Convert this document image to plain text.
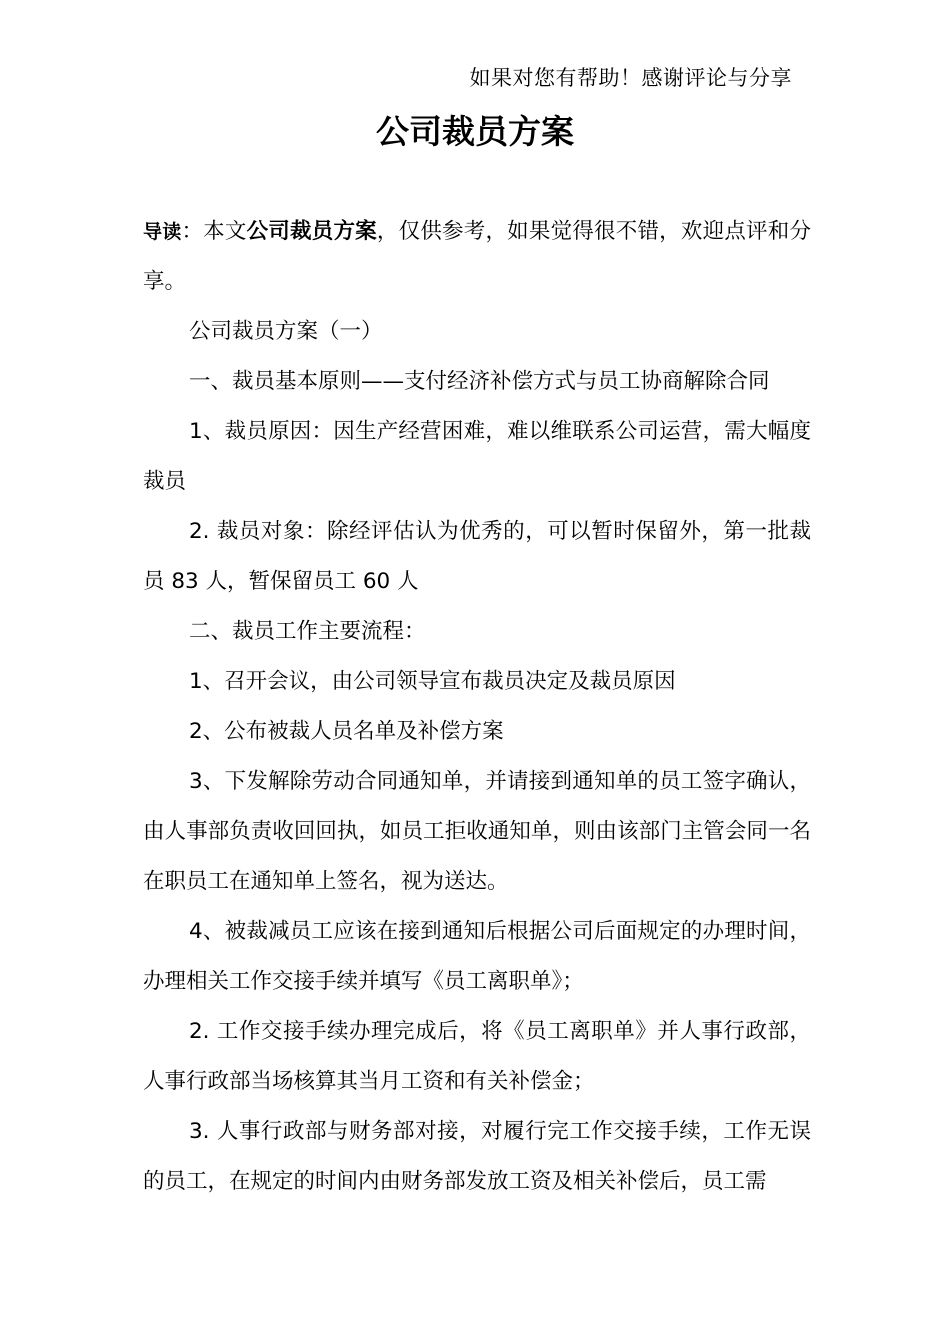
如果对您有帮助！感谢评论与分享
公司裁员方案

导读：本文公司裁员方案，仅供参考，如果觉得很不错，欢迎点评和分享。

公司裁员方案（一）

一、裁员基本原则——支付经济补偿方式与员工协商解除合同

1、裁员原因：因生产经营困难，难以维联系公司运营，需大幅度裁员

2. 裁员对象：除经评估认为优秀的，可以暂时保留外，第一批裁员 83 人，暂保留员工 60 人

二、裁员工作主要流程：

1、召开会议，由公司领导宣布裁员决定及裁员原因

2、公布被裁人员名单及补偿方案

3、下发解除劳动合同通知单，并请接到通知单的员工签字确认，由人事部负责收回回执，如员工拒收通知单，则由该部门主管会同一名在职员工在通知单上签名，视为送达。

4、被裁减员工应该在接到通知后根据公司后面规定的办理时间，办理相关工作交接手续并填写《员工离职单》；

2. 工作交接手续办理完成后，将《员工离职单》并人事行政部，人事行政部当场核算其当月工资和有关补偿金；

3. 人事行政部与财务部对接，对履行完工作交接手续，工作无误的员工，在规定的时间内由财务部发放工资及相关补偿后，员工需
